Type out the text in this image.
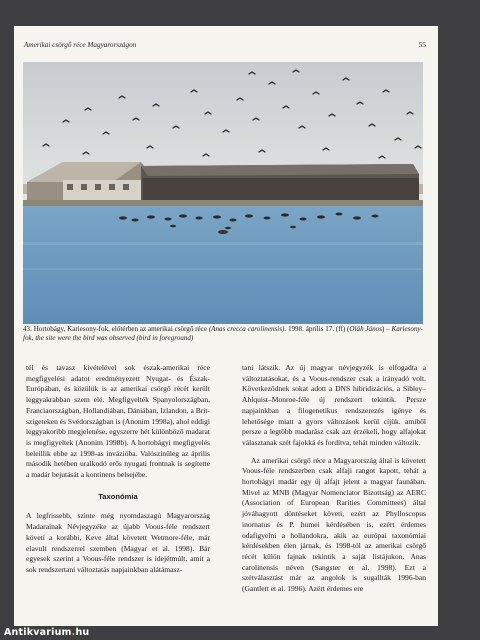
Amerikai csörgő réce Magyarországon	55
43. Hortobágy, Kariesony-fok, előtérben az amerikai csörgő réce (Anas crecca carolinensis). 1998. április 17. (ff) (Oláh János) – Kariesony-fok, the site were the bird was observed (bird in foreground)

tél és tavasz kivételével sok észak-amerikai réce megfigyelési adatot eredményezett Nyugat- és Észak-Európában, és közülük is az amerikai csörgő récét került leggyakrabban szem elé. Megfigyelték Spanyolországban, Franciaországban, Hollandiában, Dániában, Izlandon, a Brit-szigeteken és Svédországban is (Anonim 1998a), ahol eddigi leggyakoribb megjelenése, egyszerre hét különböző madarat is megfigyeltek (Anonim 1998b). A hortobágyi megfigyelés beleillik ebbe az 1998-as invázióba. Valószínűleg az április második hetében uralkodó erős nyugati frontnak is segítette a madár bejutását a kontinens belsejébe.

Taxonómia

A legfrissebb, szinte még nyomdaszagú Magyarország Madarainak Névjegyzéke az újabb Voous-féle rendszert követi a korábbi, Keve által követett Wetmore-féle, már elavult rendszerrel szemben (Magyar et al. 1998). Bár egyesek szerint a Voous-féle rendszer is idejétmúlt, amit a sok rendszertani változtatás napjainkban alátámasz-

tani látszik. Az új magyar névjegyzék is elfogadta a változtatásokat, és a Voous-rendszer csak a irányadó volt. Következődnek sokat adott a DNS hibridizációs, a Sibley–Ahlquist–Monroe-féle új rendszert tekintik. Persze napjainkban a filogenetikus rendszerezés igénye és lehetősége miatt a gyors változások kerül cíjük. amiből persze a legtöbb madarász csak azt érzékeli, hogy alfajokat választanak szét fajokká és fordítva, tehát minden változik.

Az amerikai csörgő réce a Magyarország által is követett Voous-féle rendszerben csak alfaji rangot kapott, tehát a hortobágyi madár egy új alfajt jelent a magyar faunában. Mivel az MNB (Magyar Nomenclator Bizottság) az AERC (Association of European Rarities Committees) által jóváhagyott döntéseket követi, ezért az Phylloscopus inornatus és P. humei kérdésében is, ezért érdemes odafigyelni a hollandokra, akik az európai taxonómiai kérdésekben élen járnak, és 1998-tól az amerikai csörgő récét külön fajnak tekintik a saját listájukon, Anas carolinensis néven (Sangster et al. 1998). Ezt a szétválasztást már az angolok is sugallták 1996-ban (Gantlett et al. 1996). Azért érdemes ere

Antikvarium.hu
